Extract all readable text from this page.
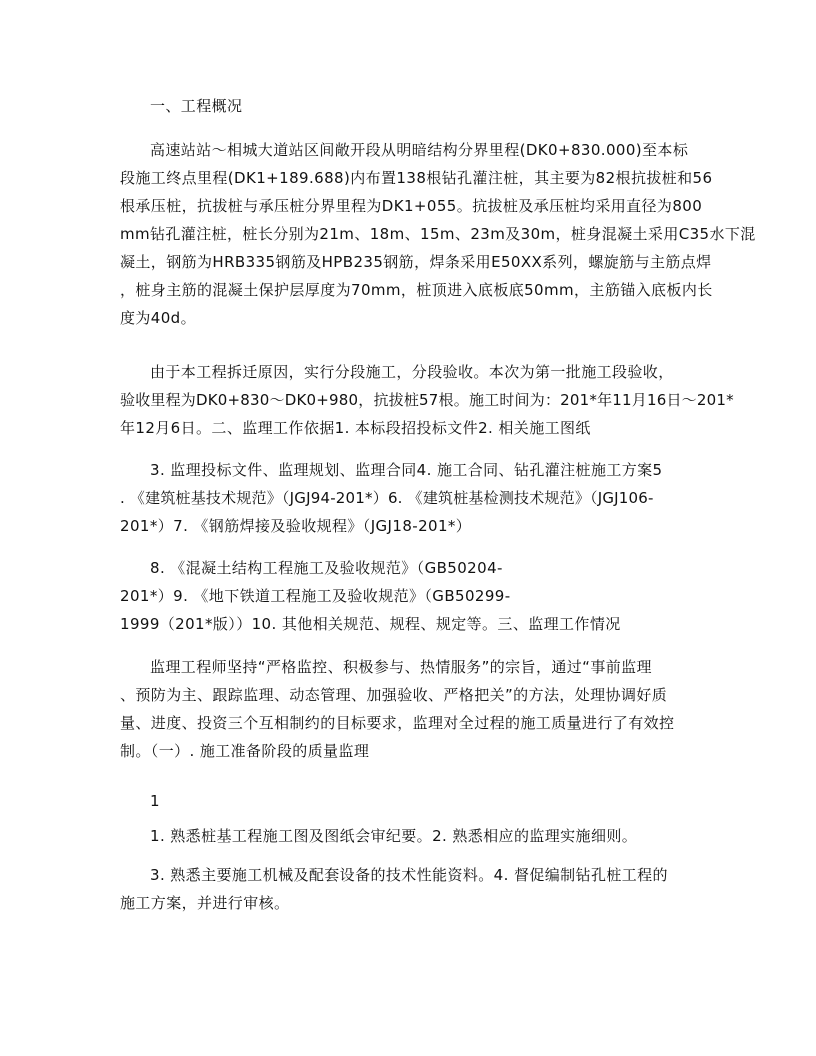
一、工程概况
高速站站～相城大道站区间敞开段从明暗结构分界里程(DK0+830.000)至本标
段施工终点里程(DK1+189.688)内布置138根钻孔灌注桩，其主要为82根抗拔桩和56
根承压桩，抗拔桩与承压桩分界里程为DK1+055。抗拔桩及承压桩均采用直径为800
mm钻孔灌注桩，桩长分别为21m、18m、15m、23m及30m，桩身混凝土采用C35水下混
凝土，钢筋为HRB335钢筋及HPB235钢筋，焊条采用E50XX系列，螺旋筋与主筋点焊
，桩身主筋的混凝土保护层厚度为70mm，桩顶进入底板底50mm，主筋锚入底板内长
度为40d。
由于本工程拆迁原因，实行分段施工，分段验收。本次为第一批施工段验收，
验收里程为DK0+830～DK0+980，抗拔桩57根。施工时间为：201*年11月16日～201*
年12月6日。二、监理工作依据1. 本标段招投标文件2. 相关施工图纸
3. 监理投标文件、监理规划、监理合同4. 施工合同、钻孔灌注桩施工方案5
. 《建筑桩基技术规范》（JGJ94-201*）6. 《建筑桩基检测技术规范》（JGJ106-
201*）7. 《钢筋焊接及验收规程》（JGJ18-201*）
8. 《混凝土结构工程施工及验收规范》（GB50204-
201*）9. 《地下铁道工程施工及验收规范》（GB50299-
1999（201*版））10. 其他相关规范、规程、规定等。三、监理工作情况
监理工程师坚持“严格监控、积极参与、热情服务”的宗旨，通过“事前监理
、预防为主、跟踪监理、动态管理、加强验收、严格把关”的方法，处理协调好质
量、进度、投资三个互相制约的目标要求，监理对全过程的施工质量进行了有效控
制。（一）. 施工准备阶段的质量监理
1
1. 熟悉桩基工程施工图及图纸会审纪要。2. 熟悉相应的监理实施细则。
3. 熟悉主要施工机械及配套设备的技术性能资料。4. 督促编制钻孔桩工程的
施工方案，并进行审核。
